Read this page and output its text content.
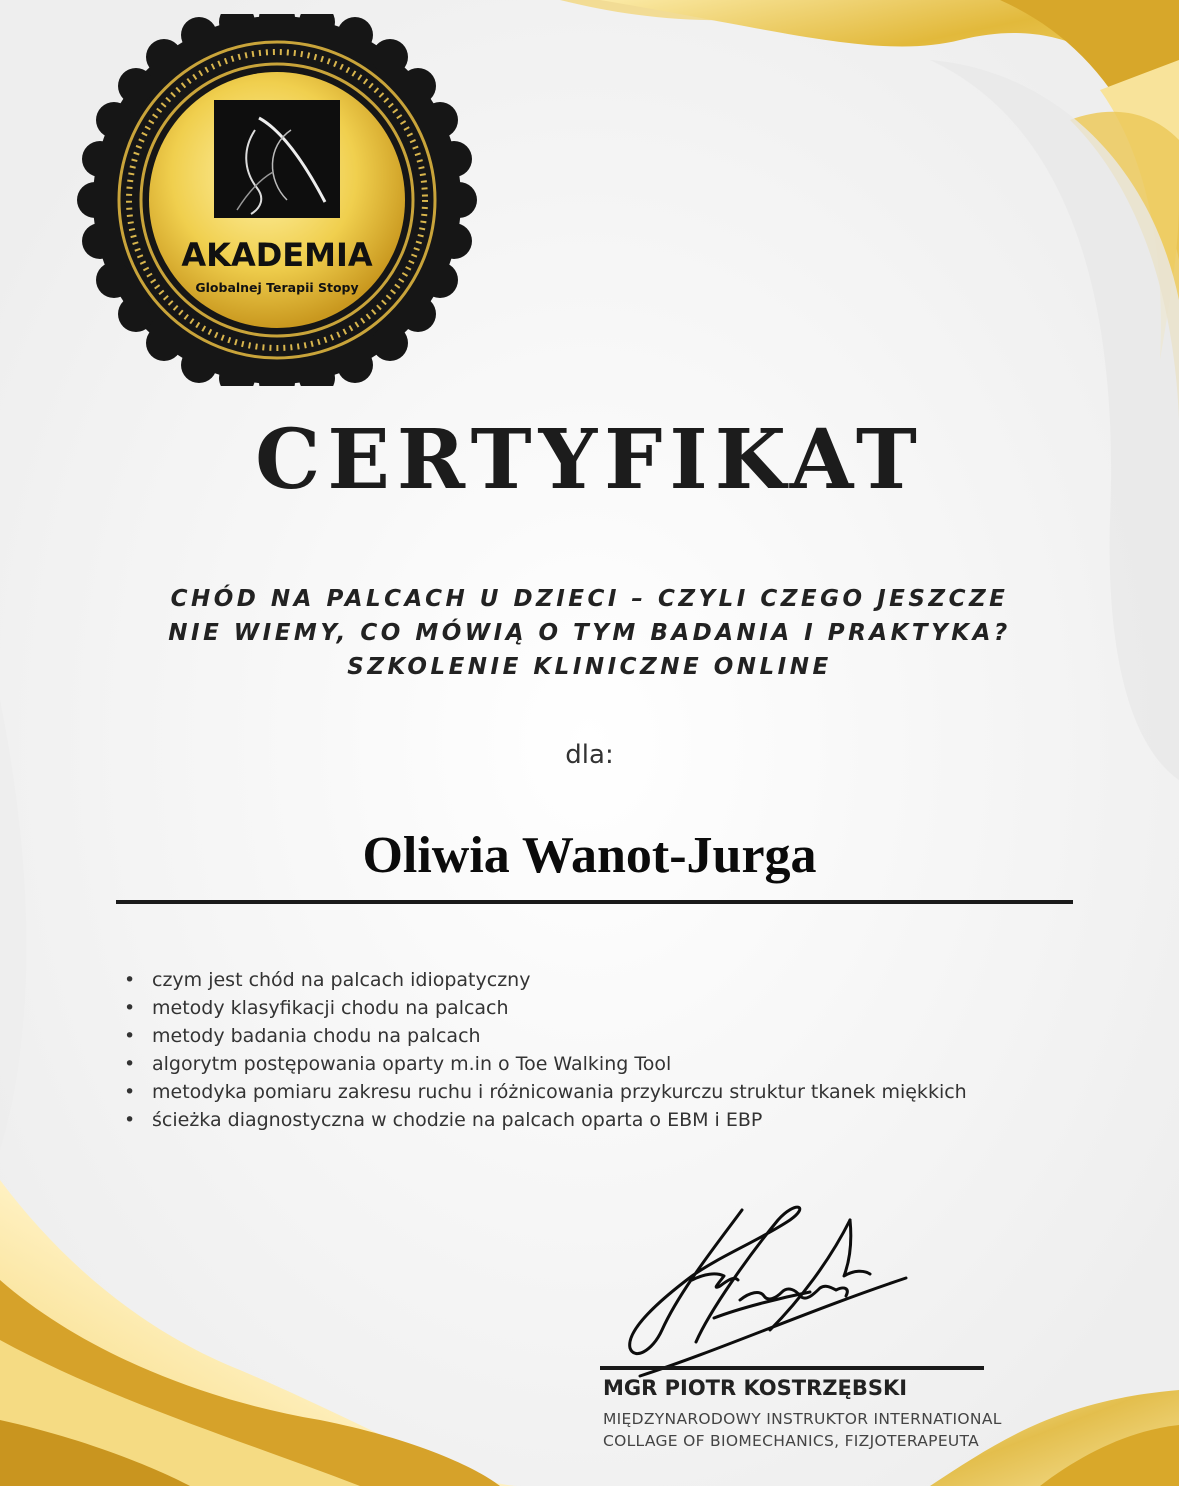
AKADEMIA
Globalnej Terapii Stopy
CERTYFIKAT
CHÓD NA PALCACH U DZIECI – CZYLI CZEGO JESZCZE
NIE WIEMY, CO MÓWIĄ O TYM BADANIA I PRAKTYKA?
SZKOLENIE KLINICZNE ONLINE
dla:
Oliwia Wanot-Jurga
• czym jest chód na palcach idiopatyczny
• metody klasyfikacji chodu na palcach
• metody badania chodu na palcach
• algorytm postępowania oparty m.in o Toe Walking Tool
• metodyka pomiaru zakresu ruchu i różnicowania przykurczu struktur tkanek miękkich
• ścieżka diagnostyczna w chodzie na palcach oparta o EBM i EBP
MGR PIOTR KOSTRZĘBSKI
MIĘDZYNARODOWY INSTRUKTOR INTERNATIONAL
COLLAGE OF BIOMECHANICS, FIZJOTERAPEUTA
